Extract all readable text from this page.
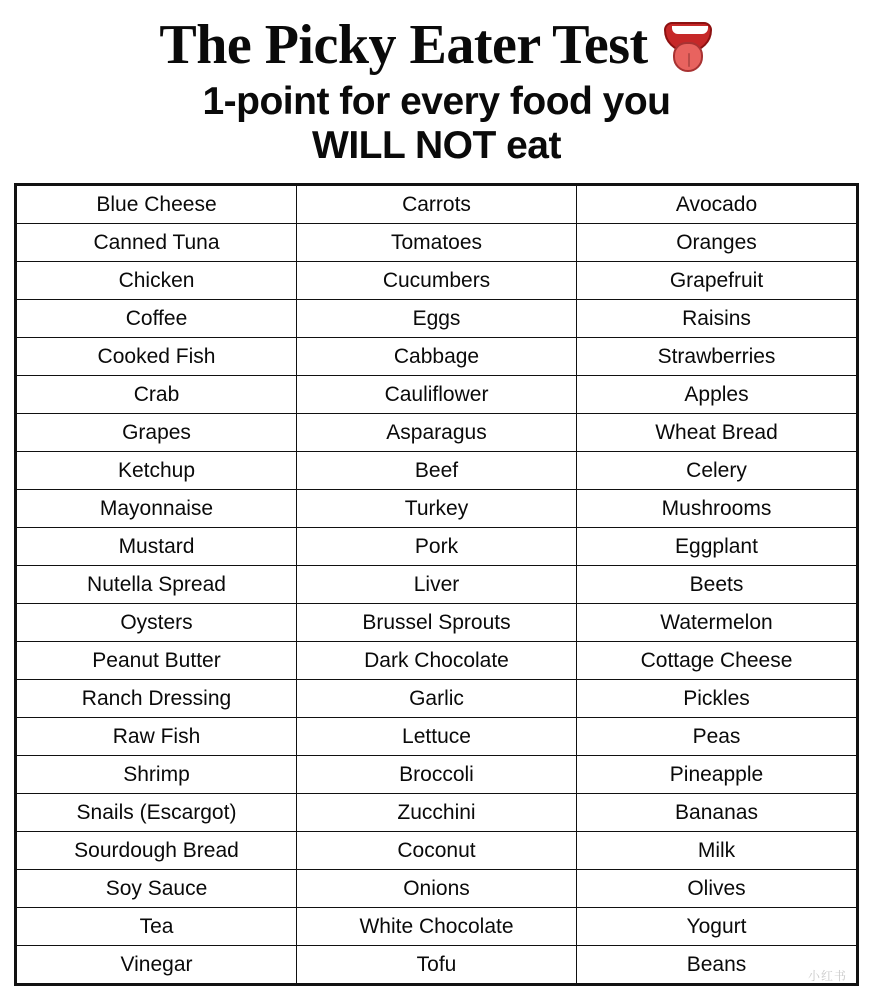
The Picky Eater Test
1-point for every food you
WILL NOT eat
Blue Cheese	Carrots	Avocado
Canned Tuna	Tomatoes	Oranges
Chicken	Cucumbers	Grapefruit
Coffee	Eggs	Raisins
Cooked Fish	Cabbage	Strawberries
Crab	Cauliflower	Apples
Grapes	Asparagus	Wheat Bread
Ketchup	Beef	Celery
Mayonnaise	Turkey	Mushrooms
Mustard	Pork	Eggplant
Nutella Spread	Liver	Beets
Oysters	Brussel Sprouts	Watermelon
Peanut Butter	Dark Chocolate	Cottage Cheese
Ranch Dressing	Garlic	Pickles
Raw Fish	Lettuce	Peas
Shrimp	Broccoli	Pineapple
Snails (Escargot)	Zucchini	Bananas
Sourdough Bread	Coconut	Milk
Soy Sauce	Onions	Olives
Tea	White Chocolate	Yogurt
Vinegar	Tofu	Beans
小红书
